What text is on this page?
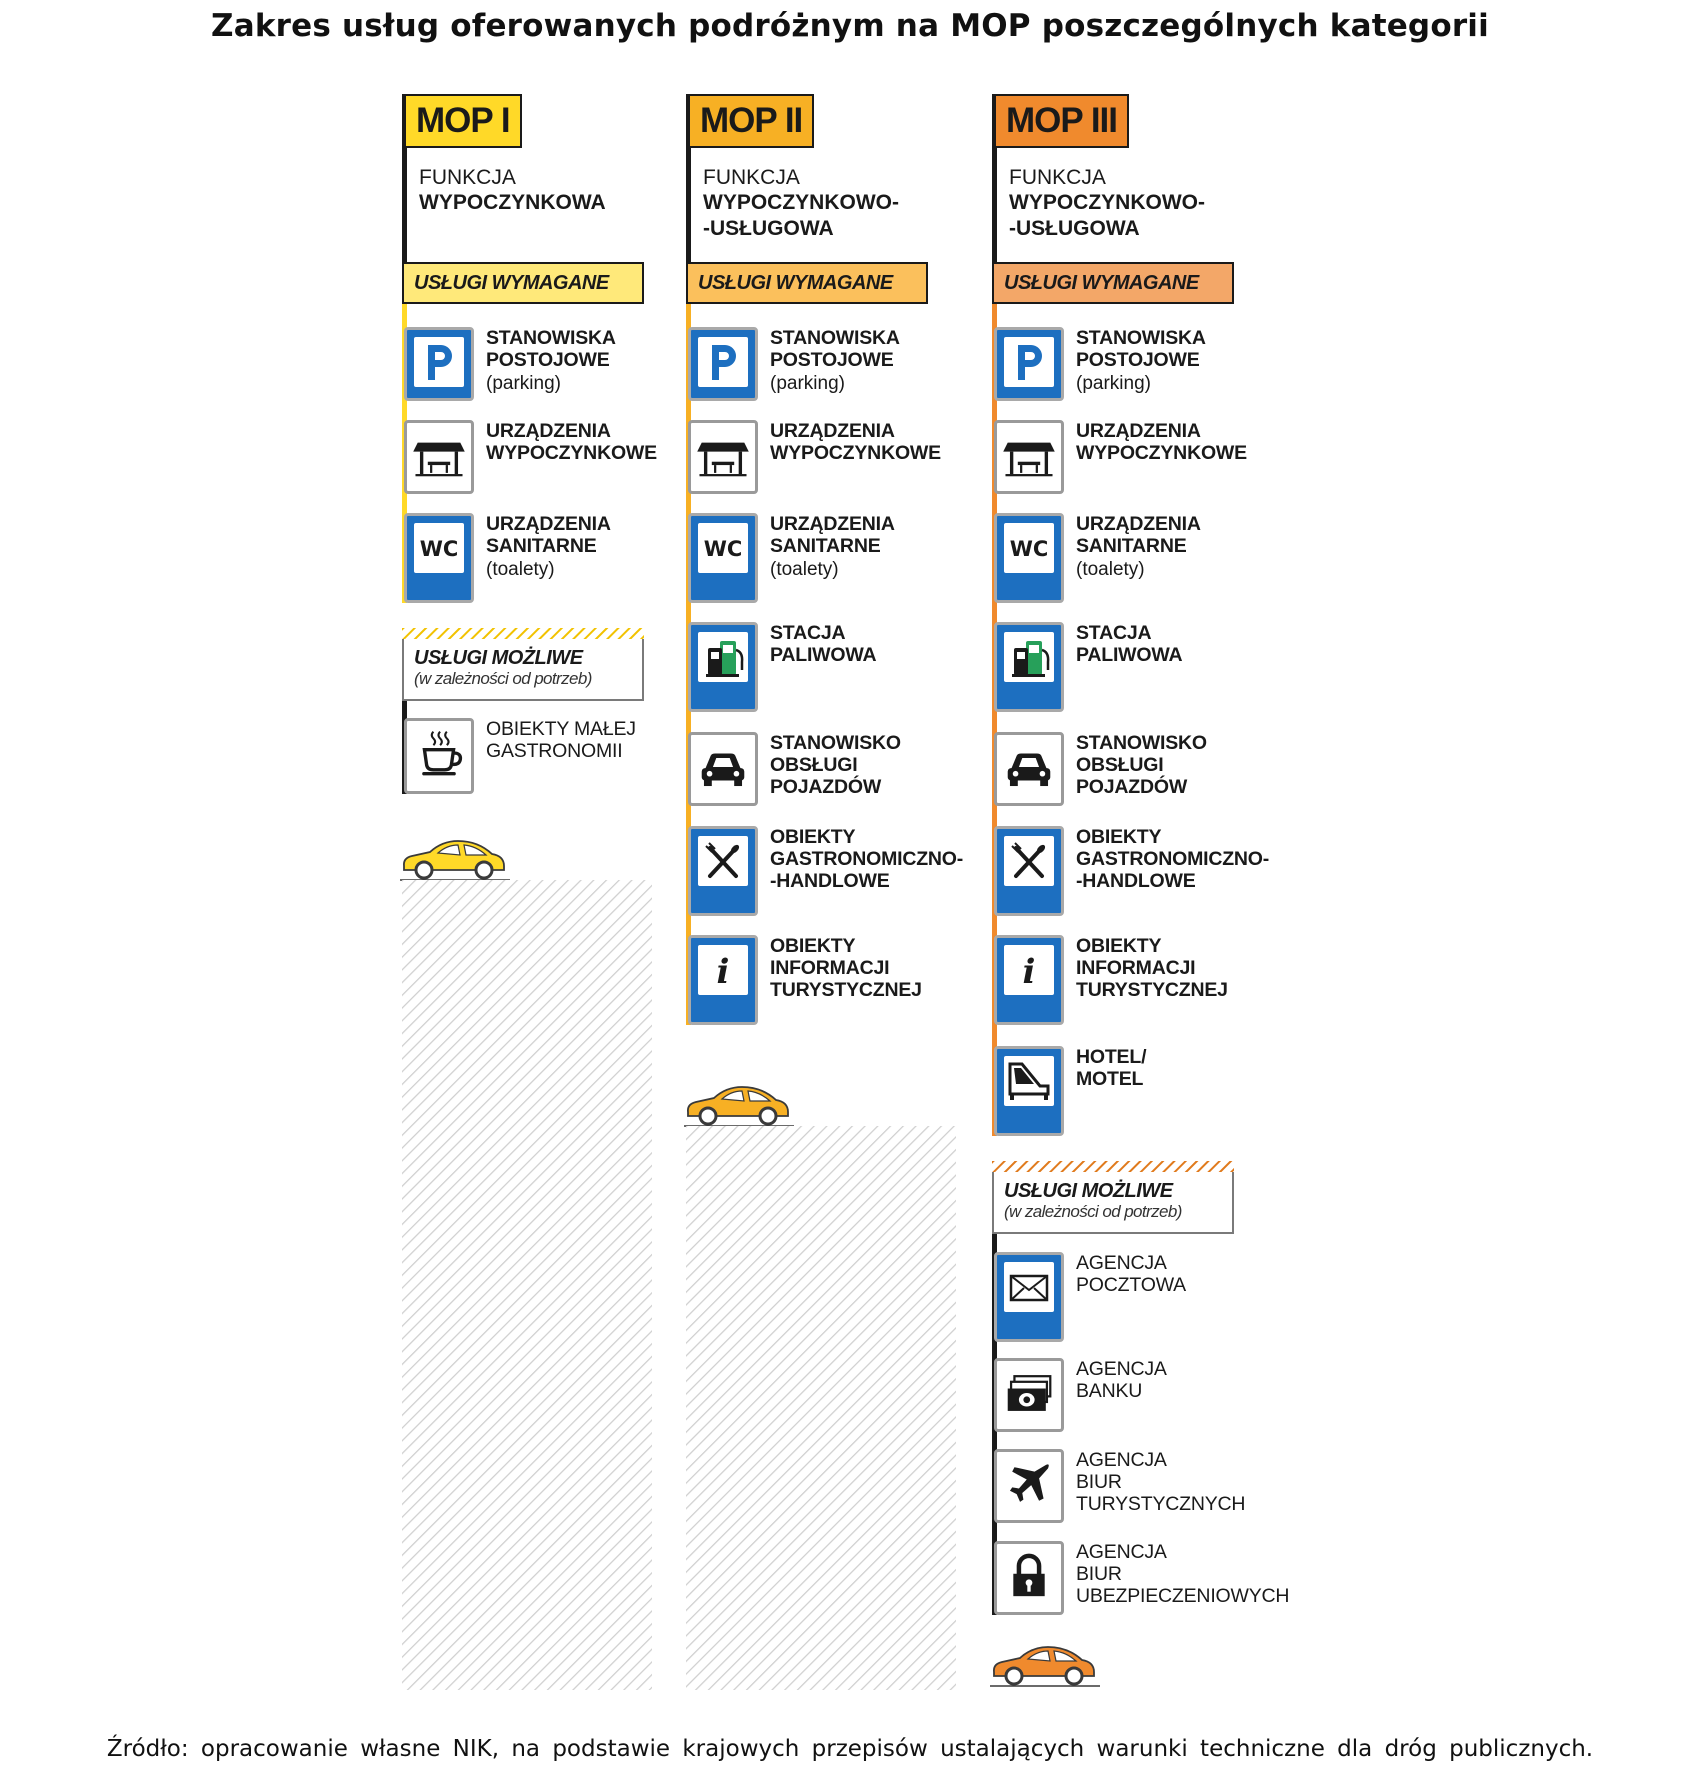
Zakres usług oferowanych podróżnym na MOP poszczególnych kategorii
MOP I
FUNKCJA
WYPOCZYNKOWA
USŁUGI WYMAGANE
STANOWISKA
POSTOJOWE
(parking)
URZĄDZENIA
WYPOCZYNKOWE
WC
URZĄDZENIA
SANITARNE
(toalety)
USŁUGI MOŻLIWE
(w zależności od potrzeb)
OBIEKTY MAŁEJ
GASTRONOMII
MOP II
FUNKCJA
WYPOCZYNKOWO-
-USŁUGOWA
USŁUGI WYMAGANE
STANOWISKA
POSTOJOWE
(parking)
URZĄDZENIA
WYPOCZYNKOWE
WC
URZĄDZENIA
SANITARNE
(toalety)
STACJA
PALIWOWA
STANOWISKO
OBSŁUGI
POJAZDÓW
OBIEKTY
GASTRONOMICZNO-
-HANDLOWE
i
OBIEKTY
INFORMACJI
TURYSTYCZNEJ
MOP III
FUNKCJA
WYPOCZYNKOWO-
-USŁUGOWA
USŁUGI WYMAGANE
STANOWISKA
POSTOJOWE
(parking)
URZĄDZENIA
WYPOCZYNKOWE
WC
URZĄDZENIA
SANITARNE
(toalety)
STACJA
PALIWOWA
STANOWISKO
OBSŁUGI
POJAZDÓW
OBIEKTY
GASTRONOMICZNO-
-HANDLOWE
i
OBIEKTY
INFORMACJI
TURYSTYCZNEJ
HOTEL/
MOTEL
USŁUGI MOŻLIWE
(w zależności od potrzeb)
AGENCJA
POCZTOWA
AGENCJA
BANKU
AGENCJA
BIUR
TURYSTYCZNYCH
AGENCJA
BIUR
UBEZPIECZENIOWYCH
Źródło: opracowanie własne NIK, na podstawie krajowych przepisów ustalających warunki techniczne dla dróg publicznych.
